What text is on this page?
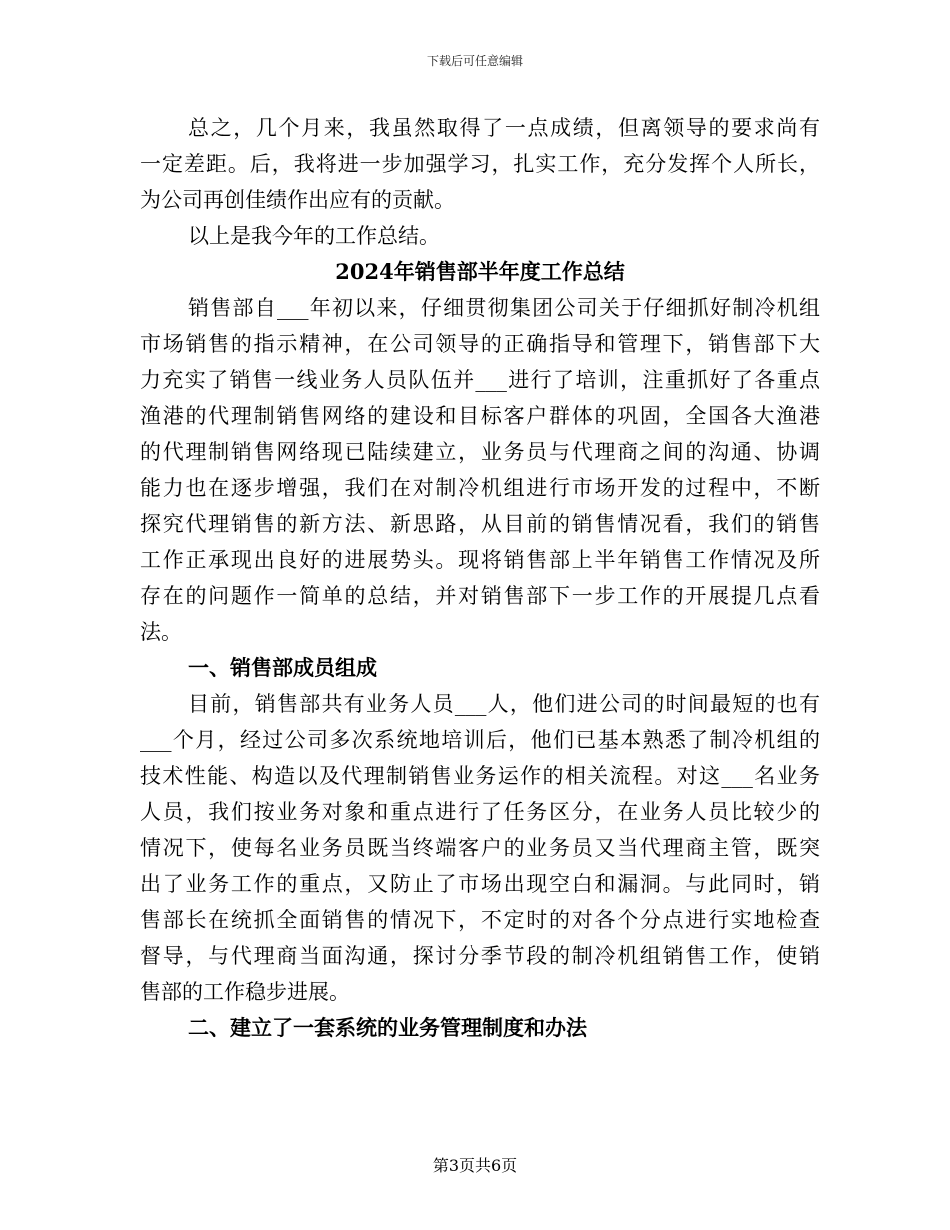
下载后可任意编辑
总之，几个月来，我虽然取得了一点成绩，但离领导的要求尚有
一定差距。后，我将进一步加强学习，扎实工作，充分发挥个人所长，
为公司再创佳绩作出应有的贡献。
以上是我今年的工作总结。
2024年销售部半年度工作总结
销售部自___年初以来，仔细贯彻集团公司关于仔细抓好制冷机组
市场销售的指示精神，在公司领导的正确指导和管理下，销售部下大
力充实了销售一线业务人员队伍并___进行了培训，注重抓好了各重点
渔港的代理制销售网络的建设和目标客户群体的巩固，全国各大渔港
的代理制销售网络现已陆续建立，业务员与代理商之间的沟通、协调
能力也在逐步增强，我们在对制冷机组进行市场开发的过程中，不断
探究代理销售的新方法、新思路，从目前的销售情况看，我们的销售
工作正承现出良好的进展势头。现将销售部上半年销售工作情况及所
存在的问题作一简单的总结，并对销售部下一步工作的开展提几点看
法。
一、销售部成员组成
目前，销售部共有业务人员___人，他们进公司的时间最短的也有
___个月，经过公司多次系统地培训后，他们已基本熟悉了制冷机组的
技术性能、构造以及代理制销售业务运作的相关流程。对这___名业务
人员，我们按业务对象和重点进行了任务区分，在业务人员比较少的
情况下，使每名业务员既当终端客户的业务员又当代理商主管，既突
出了业务工作的重点，又防止了市场出现空白和漏洞。与此同时，销
售部长在统抓全面销售的情况下，不定时的对各个分点进行实地检查
督导，与代理商当面沟通，探讨分季节段的制冷机组销售工作，使销
售部的工作稳步进展。
二、建立了一套系统的业务管理制度和办法
第3页共6页
